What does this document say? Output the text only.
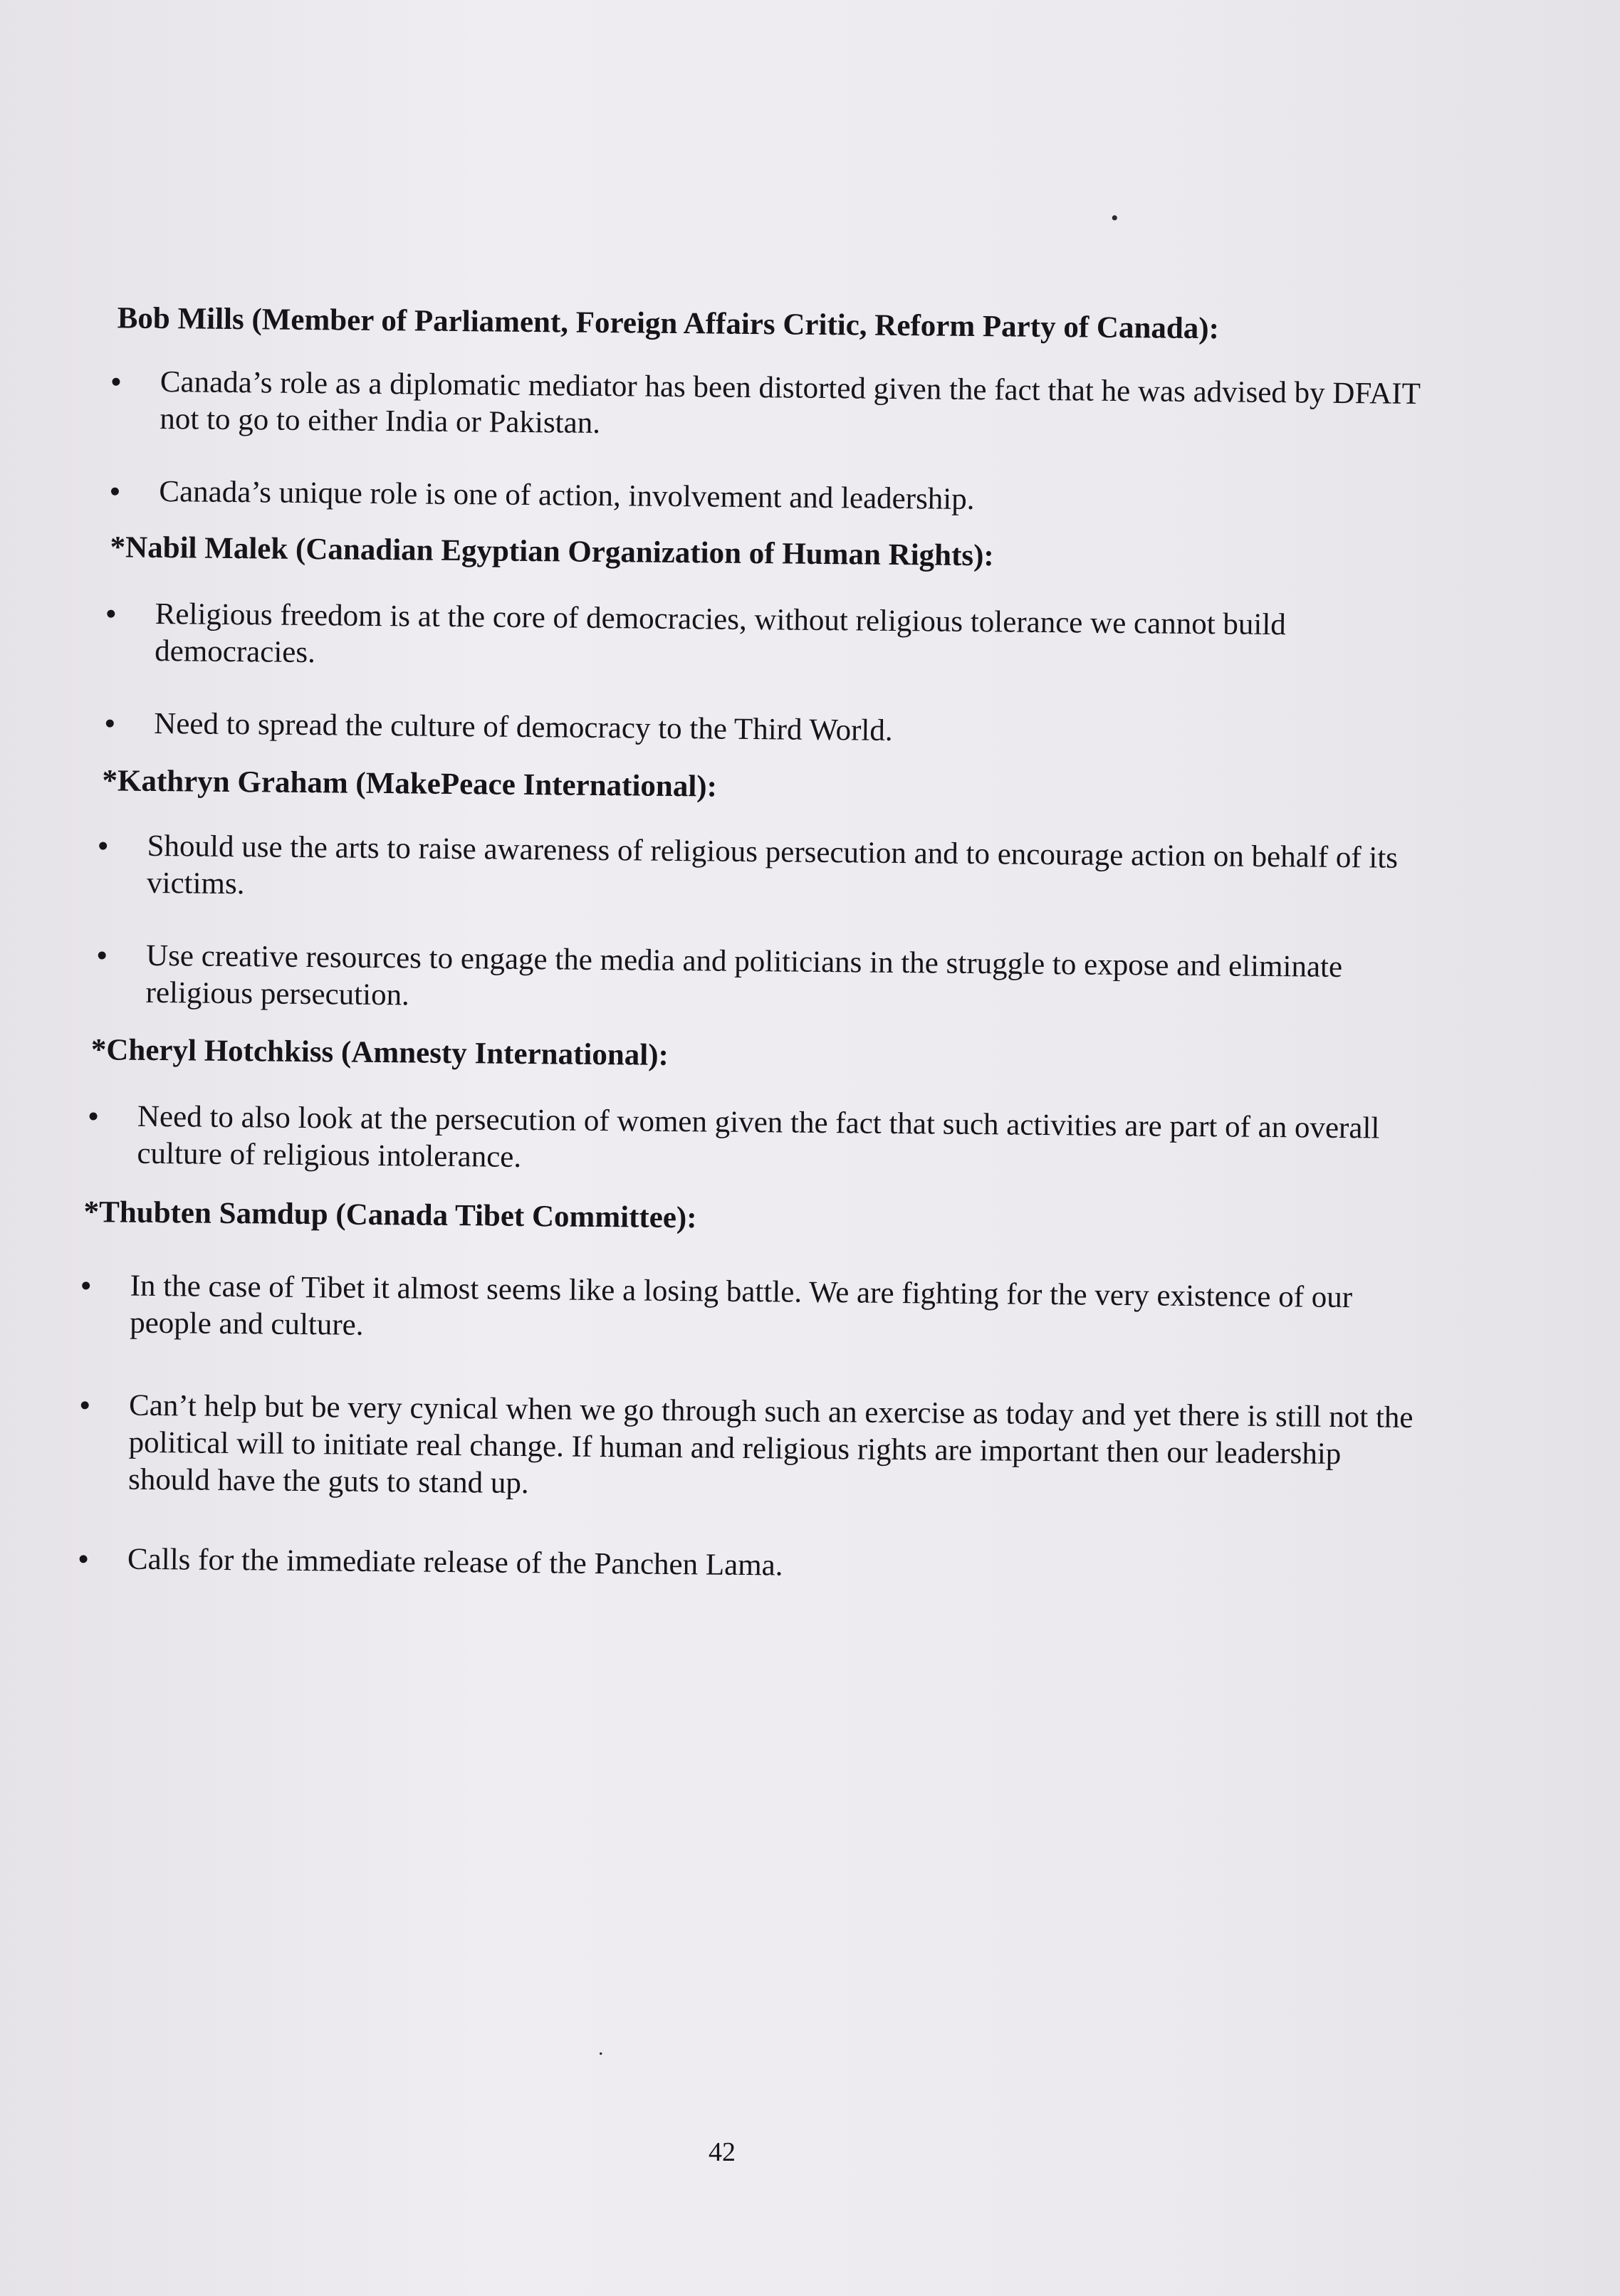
•
.

Bob Mills (Member of Parliament, Foreign Affairs Critic, Reform Party of Canada):

• Canada’s role as a diplomatic mediator has been distorted given the fact that he was advised by DFAIT not to go to either India or Pakistan.
• Canada’s unique role is one of action, involvement and leadership.

*Nabil Malek (Canadian Egyptian Organization of Human Rights):

• Religious freedom is at the core of democracies, without religious tolerance we cannot build democracies.
• Need to spread the culture of democracy to the Third World.

*Kathryn Graham (MakePeace International):

• Should use the arts to raise awareness of religious persecution and to encourage action on behalf of its victims.
• Use creative resources to engage the media and politicians in the struggle to expose and eliminate religious persecution.

*Cheryl Hotchkiss (Amnesty International):

• Need to also look at the persecution of women given the fact that such activities are part of an overall culture of religious intolerance.

*Thubten Samdup (Canada Tibet Committee):

• In the case of Tibet it almost seems like a losing battle. We are fighting for the very existence of our people and culture.
• Can’t help but be very cynical when we go through such an exercise as today and yet there is still not the political will to initiate real change. If human and religious rights are important then our leadership should have the guts to stand up.
• Calls for the immediate release of the Panchen Lama.
42
